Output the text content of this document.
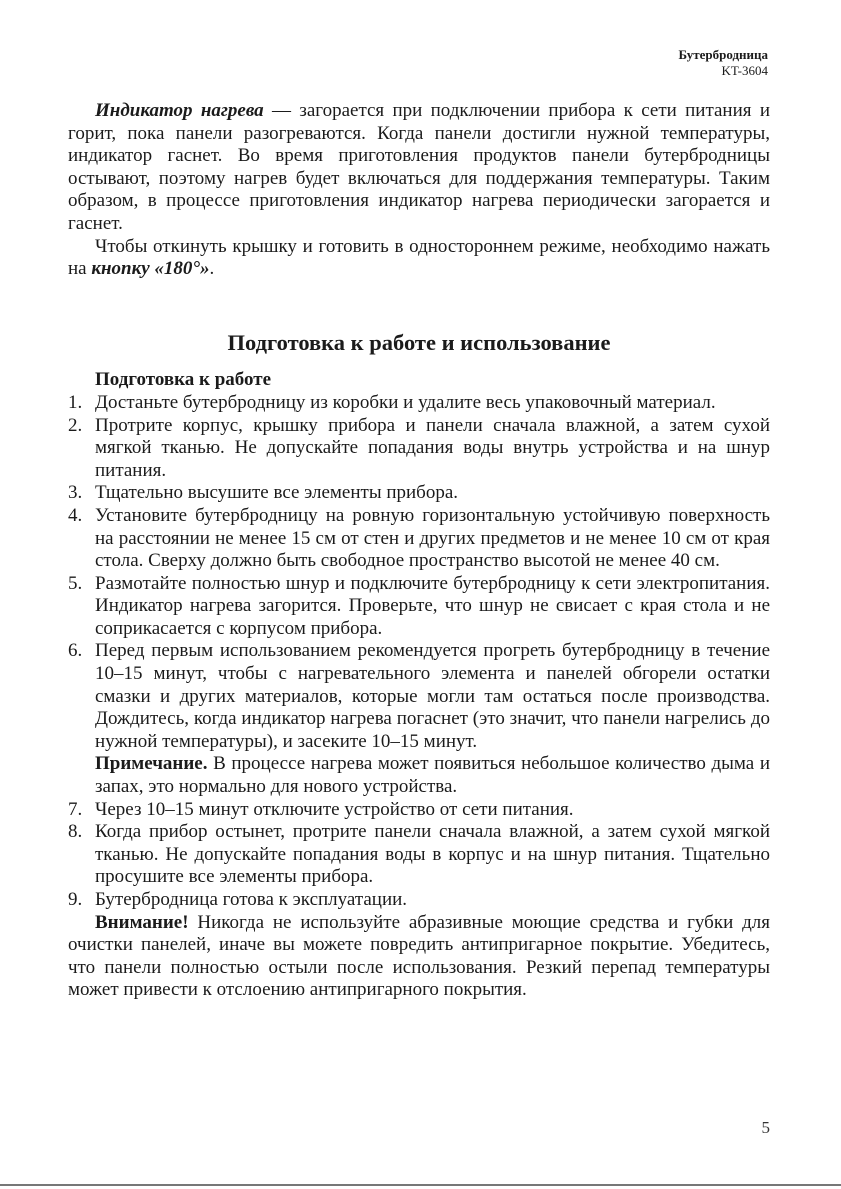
Бутербродница
KT-3604

Индикатор нагрева — загорается при подключении прибора к сети питания и горит, пока панели разогреваются. Когда панели достигли нужной температуры, индикатор гаснет. Во время приготовления продуктов панели бутербродницы остывают, поэтому нагрев будет включаться для поддержания температуры. Таким образом, в процессе приготовления индикатор нагрева периодически загорается и гаснет.

Чтобы откинуть крышку и готовить в одностороннем режиме, необходимо нажать на кнопку «180°».

Подготовка к работе и использование

Подготовка к работе

1. Достаньте бутербродницу из коробки и удалите весь упаковочный материал.
2. Протрите корпус, крышку прибора и панели сначала влажной, а затем сухой мягкой тканью. Не допускайте попадания воды внутрь устройства и на шнур питания.
3. Тщательно высушите все элементы прибора.
4. Установите бутербродницу на ровную горизонтальную устойчивую поверхность на расстоянии не менее 15 см от стен и других предметов и не менее 10 см от края стола. Сверху должно быть свободное пространство высотой не менее 40 см.
5. Размотайте полностью шнур и подключите бутербродницу к сети электропитания. Индикатор нагрева загорится. Проверьте, что шнур не свисает с края стола и не соприкасается с корпусом прибора.
6. Перед первым использованием рекомендуется прогреть бутербродницу в течение 10–15 минут, чтобы с нагревательного элемента и панелей обгорели остатки смазки и других материалов, которые могли там остаться после производства. Дождитесь, когда индикатор нагрева погаснет (это значит, что панели нагрелись до нужной температуры), и засеките 10–15 минут.
Примечание. В процессе нагрева может появиться небольшое количество дыма и запах, это нормально для нового устройства.
7. Через 10–15 минут отключите устройство от сети питания.
8. Когда прибор остынет, протрите панели сначала влажной, а затем сухой мягкой тканью. Не допускайте попадания воды в корпус и на шнур питания. Тщательно просушите все элементы прибора.
9. Бутербродница готова к эксплуатации.

Внимание! Никогда не используйте абразивные моющие средства и губки для очистки панелей, иначе вы можете повредить антипригарное покрытие. Убедитесь, что панели полностью остыли после использования. Резкий перепад температуры может привести к отслоению антипригарного покрытия.

5
